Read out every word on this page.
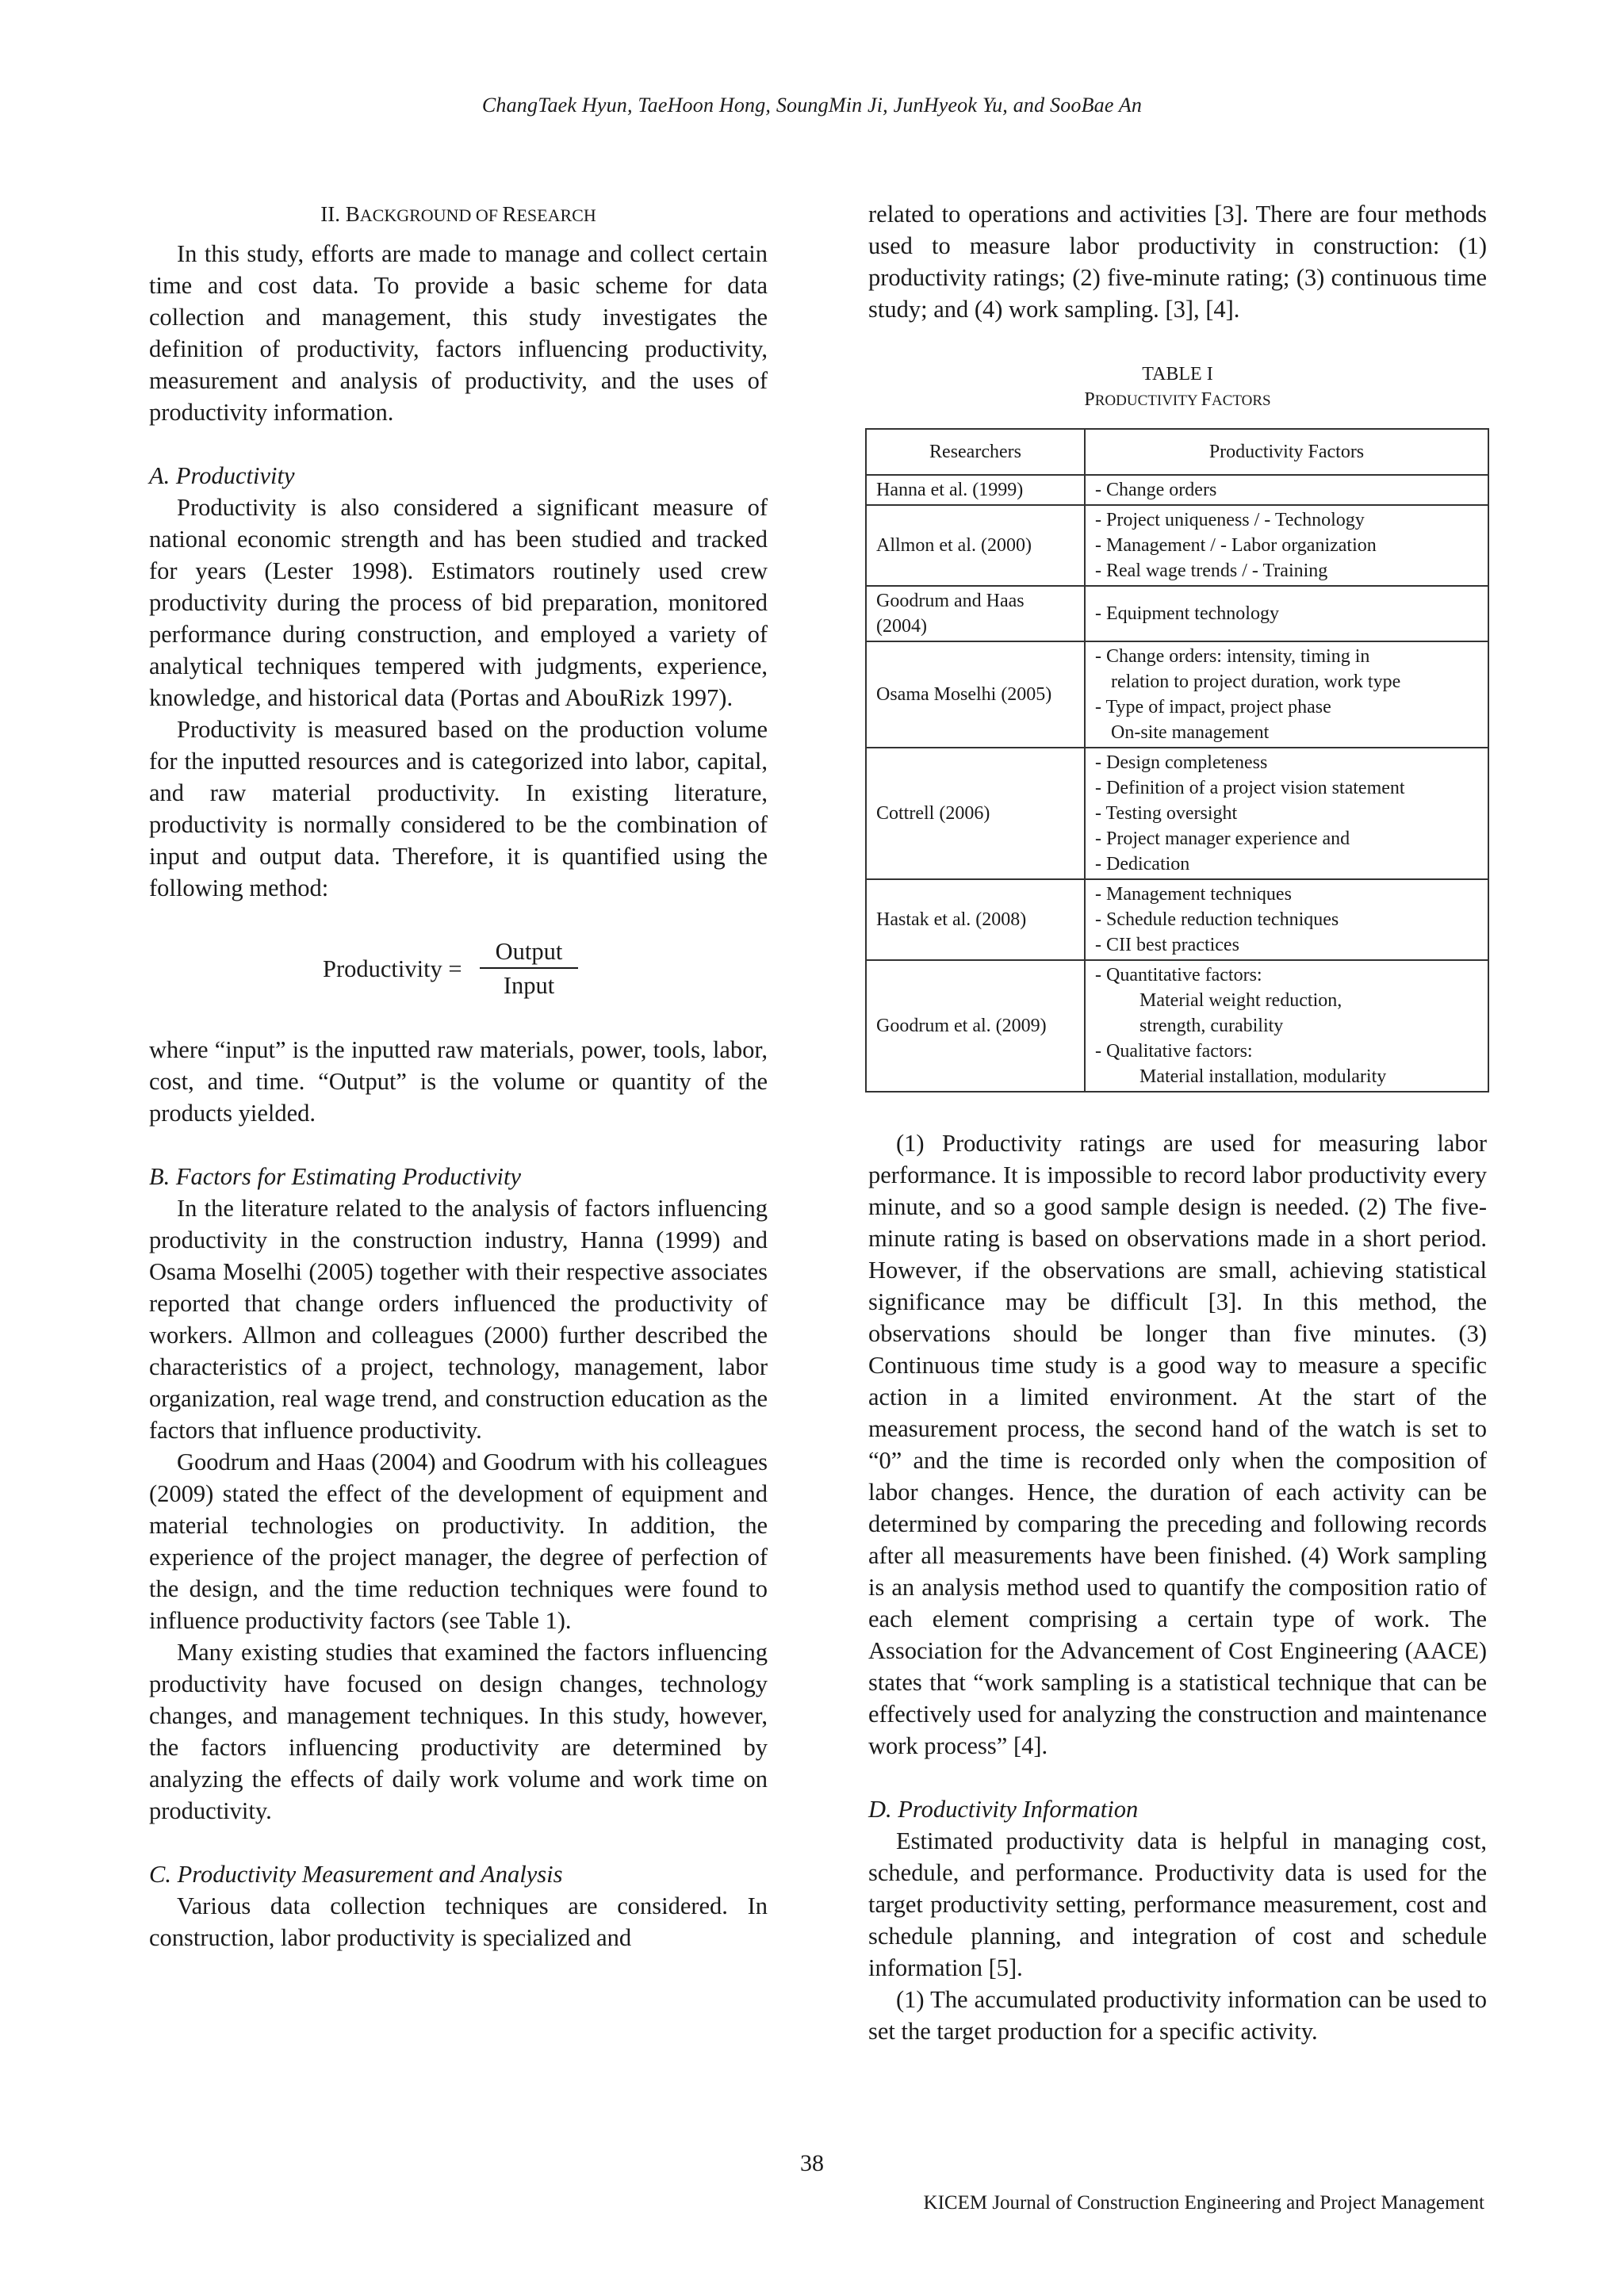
ChangTaek Hyun, TaeHoon Hong, SoungMin Ji, JunHyeok Yu, and SooBae An
II. BACKGROUND OF RESEARCH

In this study, efforts are made to manage and collect certain time and cost data. To provide a basic scheme for data collection and management, this study investigates the definition of productivity, factors influencing productivity, measurement and analysis of productivity, and the uses of productivity information.

A. Productivity

Productivity is also considered a significant measure of national economic strength and has been studied and tracked for years (Lester 1998). Estimators routinely used crew productivity during the process of bid preparation, monitored performance during construction, and employed a variety of analytical techniques tempered with judgments, experience, knowledge, and historical data (Portas and AbouRizk 1997).

Productivity is measured based on the production volume for the inputted resources and is categorized into labor, capital, and raw material productivity. In existing literature, productivity is normally considered to be the combination of input and output data. Therefore, it is quantified using the following method:

Productivity = $\frac{\text{Output}}{\text{Input}}$

where “input” is the inputted raw materials, power, tools, labor, cost, and time. “Output” is the volume or quantity of the products yielded.

B. Factors for Estimating Productivity

In the literature related to the analysis of factors influencing productivity in the construction industry, Hanna (1999) and Osama Moselhi (2005) together with their respective associates reported that change orders influenced the productivity of workers. Allmon and colleagues (2000) further described the characteristics of a project, technology, management, labor organization, real wage trend, and construction education as the factors that influence productivity.

Goodrum and Haas (2004) and Goodrum with his colleagues (2009) stated the effect of the development of equipment and material technologies on productivity. In addition, the experience of the project manager, the degree of perfection of the design, and the time reduction techniques were found to influence productivity factors (see Table 1).

Many existing studies that examined the factors influencing productivity have focused on design changes, technology changes, and management techniques. In this study, however, the factors influencing productivity are determined by analyzing the effects of daily work volume and work time on productivity.

C. Productivity Measurement and Analysis

Various data collection techniques are considered. In construction, labor productivity is specialized and

related to operations and activities [3]. There are four methods used to measure labor productivity in construction: (1) productivity ratings; (2) five-minute rating; (3) continuous time study; and (4) work sampling. [3], [4].

TABLE I
PRODUCTIVITY FACTORS
Researchers	Productivity Factors
Hanna et al. (1999)	- Change orders

Allmon et al. (2000)	- Project uniqueness / - Technology
- Management / - Labor organization
- Real wage trends / - Training

Goodrum and Haas (2004)	- Equipment technology

Osama Moselhi (2005)	- Change orders: intensity, timing in
relation to project duration, work type
- Type of impact, project phase
On-site management

Cottrell (2006)	- Design completeness
- Definition of a project vision statement
- Testing oversight
- Project manager experience and
- Dedication

Hastak et al. (2008)	- Management techniques
- Schedule reduction techniques
- CII best practices

Goodrum et al. (2009)	- Quantitative factors:
Material weight reduction,
strength, curability
- Qualitative factors:
Material installation, modularity

(1) Productivity ratings are used for measuring labor performance. It is impossible to record labor productivity every minute, and so a good sample design is needed. (2) The five-minute rating is based on observations made in a short period. However, if the observations are small, achieving statistical significance may be difficult [3]. In this method, the observations should be longer than five minutes. (3) Continuous time study is a good way to measure a specific action in a limited environment. At the start of the measurement process, the second hand of the watch is set to “0” and the time is recorded only when the composition of labor changes. Hence, the duration of each activity can be determined by comparing the preceding and following records after all measurements have been finished. (4) Work sampling is an analysis method used to quantify the composition ratio of each element comprising a certain type of work. The Association for the Advancement of Cost Engineering (AACE) states that “work sampling is a statistical technique that can be effectively used for analyzing the construction and maintenance work process” [4].

D. Productivity Information

Estimated productivity data is helpful in managing cost, schedule, and performance. Productivity data is used for the target productivity setting, performance measurement, cost and schedule planning, and integration of cost and schedule information [5].

(1) The accumulated productivity information can be used to set the target production for a specific activity.

38
KICEM Journal of Construction Engineering and Project Management
